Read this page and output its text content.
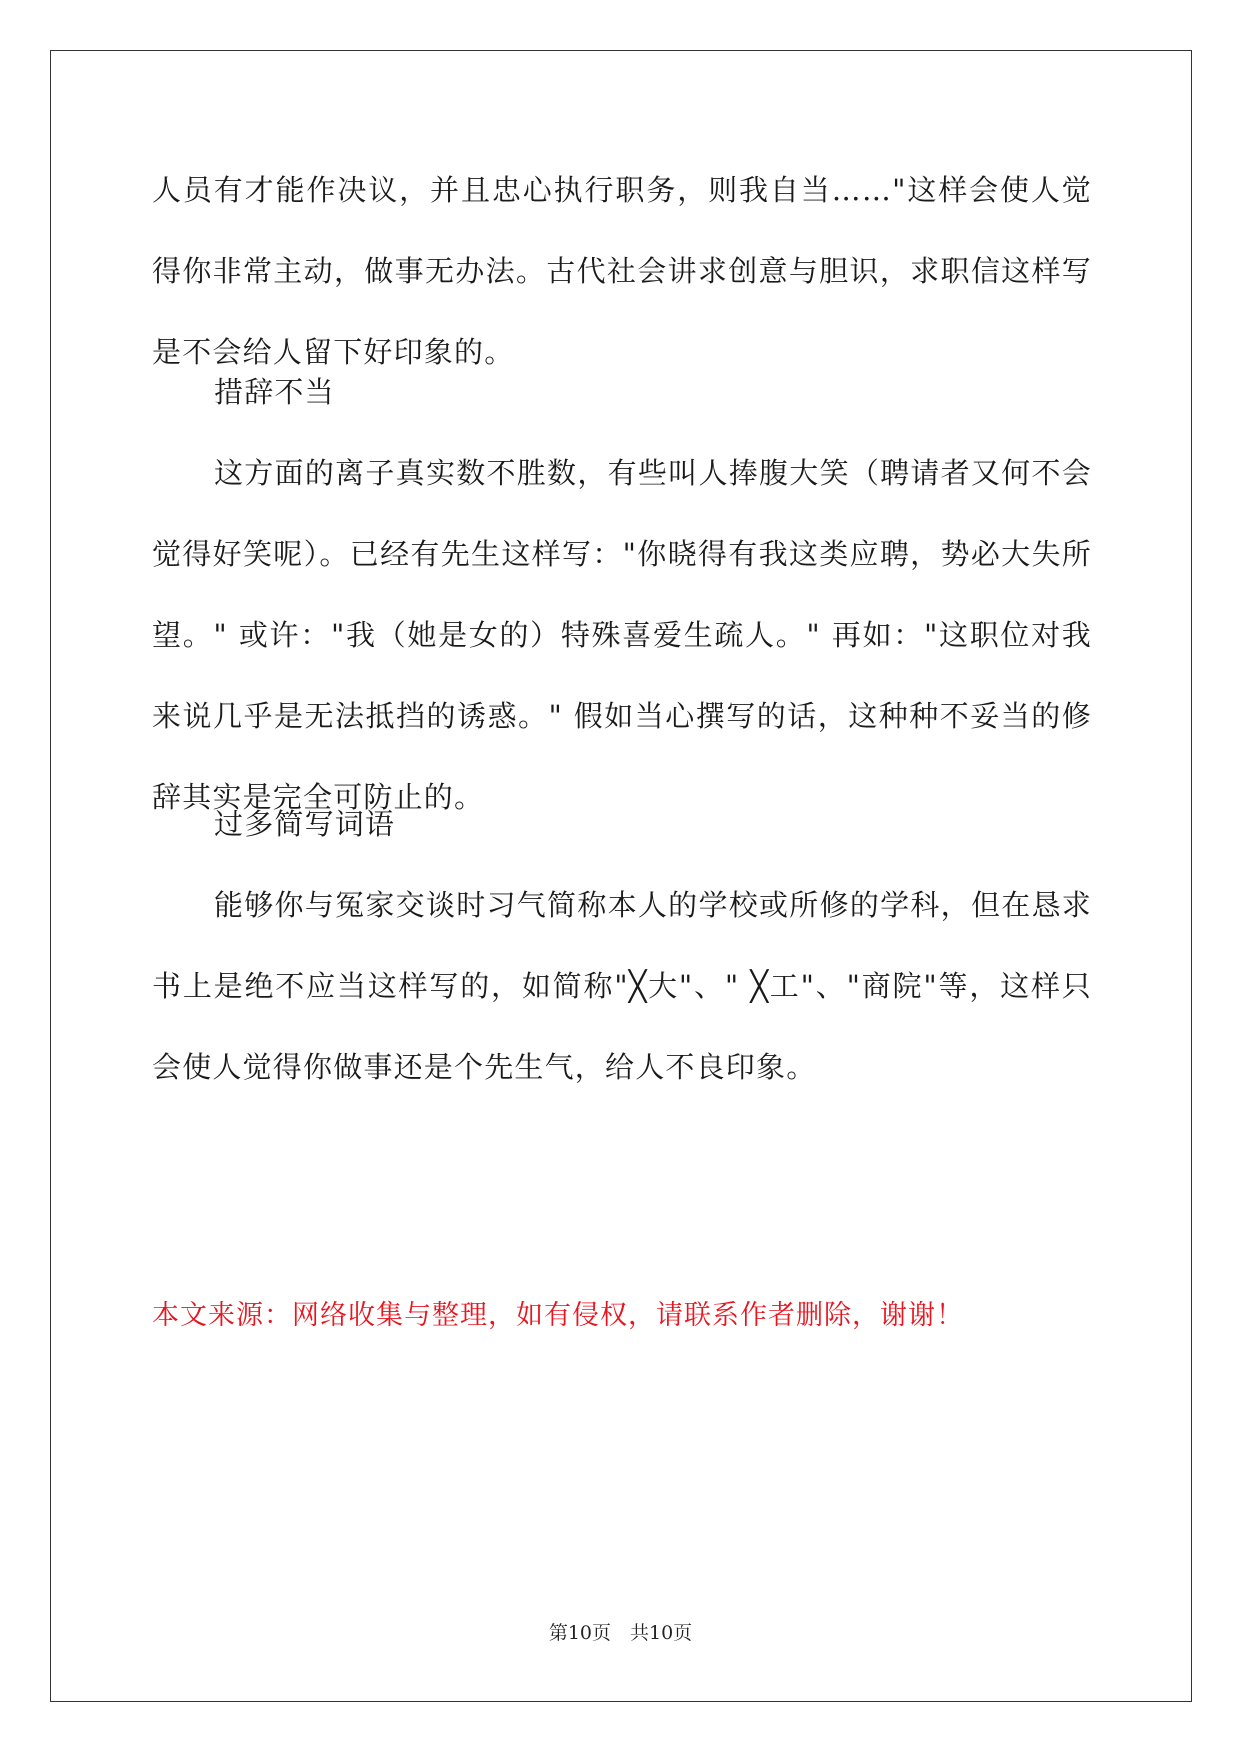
人员有才能作决议，并且忠心执行职务，则我自当……"这样会使人觉得你非常主动，做事无办法。古代社会讲求创意与胆识，求职信这样写是不会给人留下好印象的。

措辞不当

这方面的离子真实数不胜数，有些叫人捧腹大笑（聘请者又何不会觉得好笑呢）。已经有先生这样写："你晓得有我这类应聘，势必大失所望。" 或许："我（她是女的）特殊喜爱生疏人。" 再如："这职位对我来说几乎是无法抵挡的诱惑。" 假如当心撰写的话，这种种不妥当的修辞其实是完全可防止的。

过多简写词语

能够你与冤家交谈时习气简称本人的学校或所修的学科，但在恳求书上是绝不应当这样写的，如简称"╳大"、" ╳工"、"商院"等，这样只会使人觉得你做事还是个先生气，给人不良印象。

本文来源：网络收集与整理，如有侵权，请联系作者删除，谢谢！

第10页　共10页
